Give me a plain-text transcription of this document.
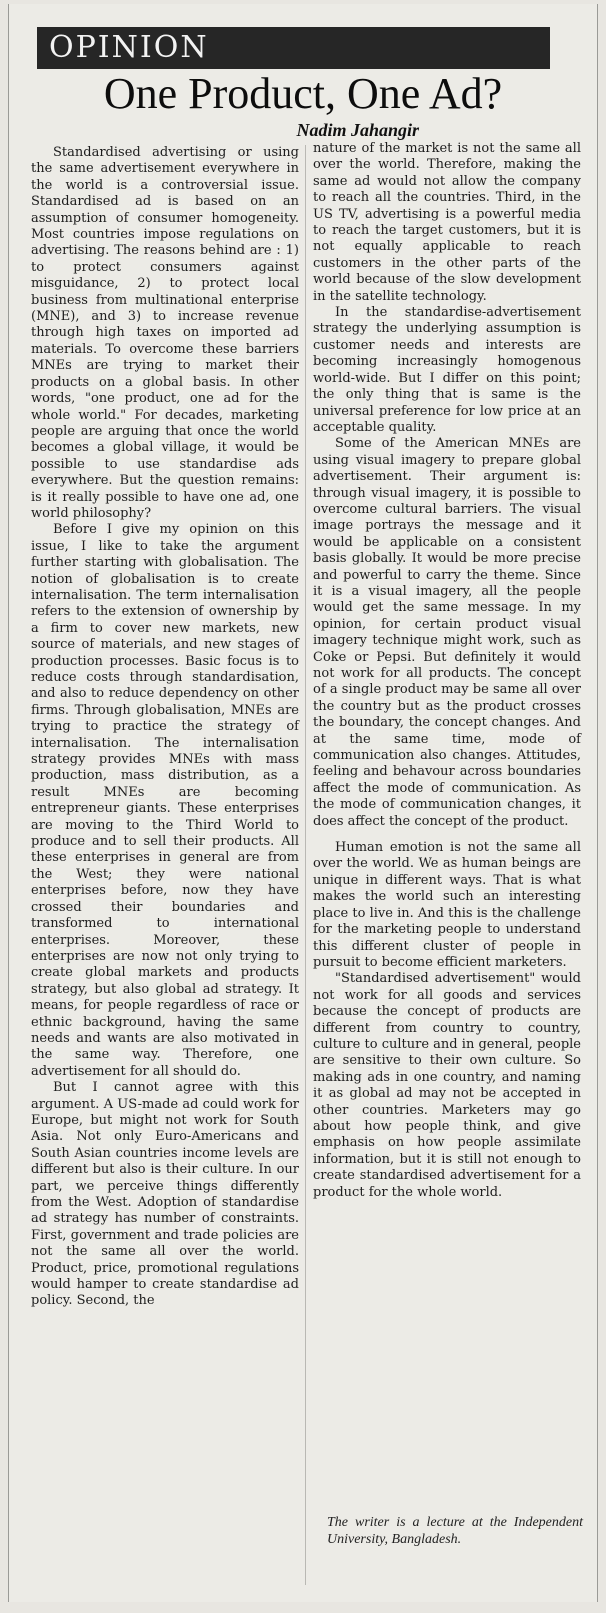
OPINION
One Product, One Ad?
Nadim Jahangir

Standardised advertising or using the same advertisement everywhere in the world is a controversial issue. Standardised ad is based on an assumption of consumer homogeneity. Most countries impose regulations on advertising. The reasons behind are : 1) to protect consumers against misguidance, 2) to protect local business from multinational enterprise (MNE), and 3) to increase revenue through high taxes on imported ad materials. To overcome these barriers MNEs are trying to market their products on a global basis. In other words, "one product, one ad for the whole world." For decades, marketing people are arguing that once the world becomes a global village, it would be possible to use standardise ads everywhere. But the question remains: is it really possible to have one ad, one world philosophy?

Before I give my opinion on this issue, I like to take the argument further starting with globalisation. The notion of globalisation is to create internalisation. The term internalisation refers to the extension of ownership by a firm to cover new markets, new source of materials, and new stages of production processes. Basic focus is to reduce costs through standardisation, and also to reduce dependency on other firms. Through globalisation, MNEs are trying to practice the strategy of internalisation. The internalisation strategy provides MNEs with mass production, mass distribution, as a result MNEs are becoming entrepreneur giants. These enterprises are moving to the Third World to produce and to sell their products. All these enterprises in general are from the West; they were national enterprises before, now they have crossed their boundaries and transformed to international enterprises. Moreover, these enterprises are now not only trying to create global markets and products strategy, but also global ad strategy. It means, for people regardless of race or ethnic background, having the same needs and wants are also motivated in the same way. Therefore, one advertisement for all should do.

But I cannot agree with this argument. A US-made ad could work for Europe, but might not work for South Asia. Not only Euro-Americans and South Asian countries income levels are different but also is their culture. In our part, we perceive things differently from the West. Adoption of standardise ad strategy has number of constraints. First, government and trade policies are not the same all over the world. Product, price, promotional regulations would hamper to create standardise ad policy. Second, the

nature of the market is not the same all over the world. Therefore, making the same ad would not allow the company to reach all the countries. Third, in the US TV, advertising is a powerful media to reach the target customers, but it is not equally applicable to reach customers in the other parts of the world because of the slow development in the satellite technology.

In the standardise-advertisement strategy the underlying assumption is customer needs and interests are becoming increasingly homogenous world-wide. But I differ on this point; the only thing that is same is the universal preference for low price at an acceptable quality.

Some of the American MNEs are using visual imagery to prepare global advertisement. Their argument is: through visual imagery, it is possible to overcome cultural barriers. The visual image portrays the message and it would be applicable on a consistent basis globally. It would be more precise and powerful to carry the theme. Since it is a visual imagery, all the people would get the same message. In my opinion, for certain product visual imagery technique might work, such as Coke or Pepsi. But definitely it would not work for all products. The concept of a single product may be same all over the country but as the product crosses the boundary, the concept changes. And at the same time, mode of communication also changes. Attitudes, feeling and behavour across boundaries affect the mode of communication. As the mode of communication changes, it does affect the concept of the product.

Human emotion is not the same all over the world. We as human beings are unique in different ways. That is what makes the world such an interesting place to live in. And this is the challenge for the marketing people to understand this different cluster of people in pursuit to become efficient marketers.

"Standardised advertisement" would not work for all goods and services because the concept of products are different from country to country, culture to culture and in general, people are sensitive to their own culture. So making ads in one country, and naming it as global ad may not be accepted in other countries. Marketers may go about how people think, and give emphasis on how people assimilate information, but it is still not enough to create standardised advertisement for a product for the whole world.

The writer is a lecture at the Independent University, Bangladesh.
